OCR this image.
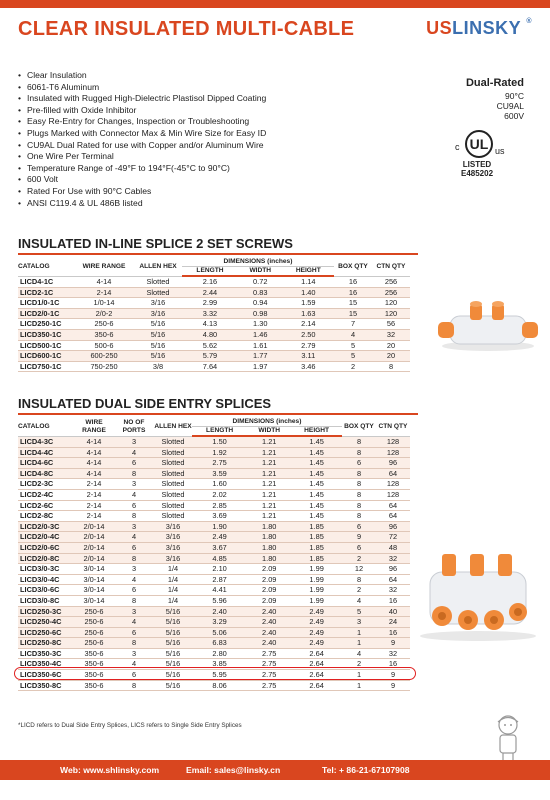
CLEAR INSULATED MULTI-CABLE	USLINSKY ®
• Clear Insulation
• 6061-T6 Aluminum
• Insulated with Rugged High-Dielectric Plastisol Dipped Coating
• Pre-filled with Oxide Inhibitor
• Easy Re-Entry for Changes, Inspection or Troubleshooting
• Plugs Marked with Connector Max & Min Wire Size for Easy ID
• CU9AL Dual Rated for use with Copper and/or Aluminum Wire
• One Wire Per Terminal
• Temperature Range of -49°F to 194°F(-45°C to 90°C)
• 600 Volt
• Rated For Use with 90°C Cables
• ANSI C119.4 & UL 486B listed
Dual-Rated
90°C
CU9AL
600V
c UL us
LISTED
E485202
INSULATED IN-LINE SPLICE 2 SET SCREWS
CATALOG	WIRE RANGE	ALLEN HEX	DIMENSIONS (inches)			BOX QTY	CTN QTY
			LENGTH	WIDTH	HEIGHT		
LICD4-1C	4-14	Slotted	2.16	0.72	1.14	16	256
LICD2-1C	2-14	Slotted	2.44	0.83	1.40	16	256
LICD1/0-1C	1/0-14	3/16	2.99	0.94	1.59	15	120
LICD2/0-1C	2/0-2	3/16	3.32	0.98	1.63	15	120
LICD250-1C	250-6	5/16	4.13	1.30	2.14	7	56
LICD350-1C	350-6	5/16	4.80	1.46	2.50	4	32
LICD500-1C	500-6	5/16	5.62	1.61	2.79	5	20
LICD600-1C	600-250	5/16	5.79	1.77	3.11	5	20
LICD750-1C	750-250	3/8	7.64	1.97	3.46	2	8
INSULATED DUAL SIDE ENTRY SPLICES
CATALOG	WIRE RANGE	NO OF PORTS	ALLEN HEX	DIMENSIONS (inches)			BOX QTY	CTN QTY
				LENGTH	WIDTH	HEIGHT		
LICD4-3C	4-14	3	Slotted	1.50	1.21	1.45	8	128
LICD4-4C	4-14	4	Slotted	1.92	1.21	1.45	8	128
LICD4-6C	4-14	6	Slotted	2.75	1.21	1.45	6	96
LICD4-8C	4-14	8	Slotted	3.59	1.21	1.45	8	64
LICD2-3C	2-14	3	Slotted	1.60	1.21	1.45	8	128
LICD2-4C	2-14	4	Slotted	2.02	1.21	1.45	8	128
LICD2-6C	2-14	6	Slotted	2.85	1.21	1.45	8	64
LICD2-8C	2-14	8	Slotted	3.69	1.21	1.45	8	64
LICD2/0-3C	2/0-14	3	3/16	1.90	1.80	1.85	6	96
LICD2/0-4C	2/0-14	4	3/16	2.49	1.80	1.85	9	72
LICD2/0-6C	2/0-14	6	3/16	3.67	1.80	1.85	6	48
LICD2/0-8C	2/0-14	8	3/16	4.85	1.80	1.85	2	32
LICD3/0-3C	3/0-14	3	1/4	2.10	2.09	1.99	12	96
LICD3/0-4C	3/0-14	4	1/4	2.87	2.09	1.99	8	64
LICD3/0-6C	3/0-14	6	1/4	4.41	2.09	1.99	2	32
LICD3/0-8C	3/0-14	8	1/4	5.96	2.09	1.99	4	16
LICD250-3C	250-6	3	5/16	2.40	2.40	2.49	5	40
LICD250-4C	250-6	4	5/16	3.29	2.40	2.49	3	24
LICD250-6C	250-6	6	5/16	5.06	2.40	2.49	1	16
LICD250-8C	250-6	8	5/16	6.83	2.40	2.49	1	9
LICD350-3C	350-6	3	5/16	2.80	2.75	2.64	4	32
LICD350-4C	350-6	4	5/16	3.85	2.75	2.64	2	16
LICD350-6C	350-6	6	5/16	5.95	2.75	2.64	1	9
LICD350-8C	350-6	8	5/16	8.06	2.75	2.64	1	9
*LICD refers to Dual Side Entry Splices, LICS refers to Single Side Entry Splices
Web: www.shlinsky.com	Email: sales@linsky.cn	Tel: + 86-21-67107908
